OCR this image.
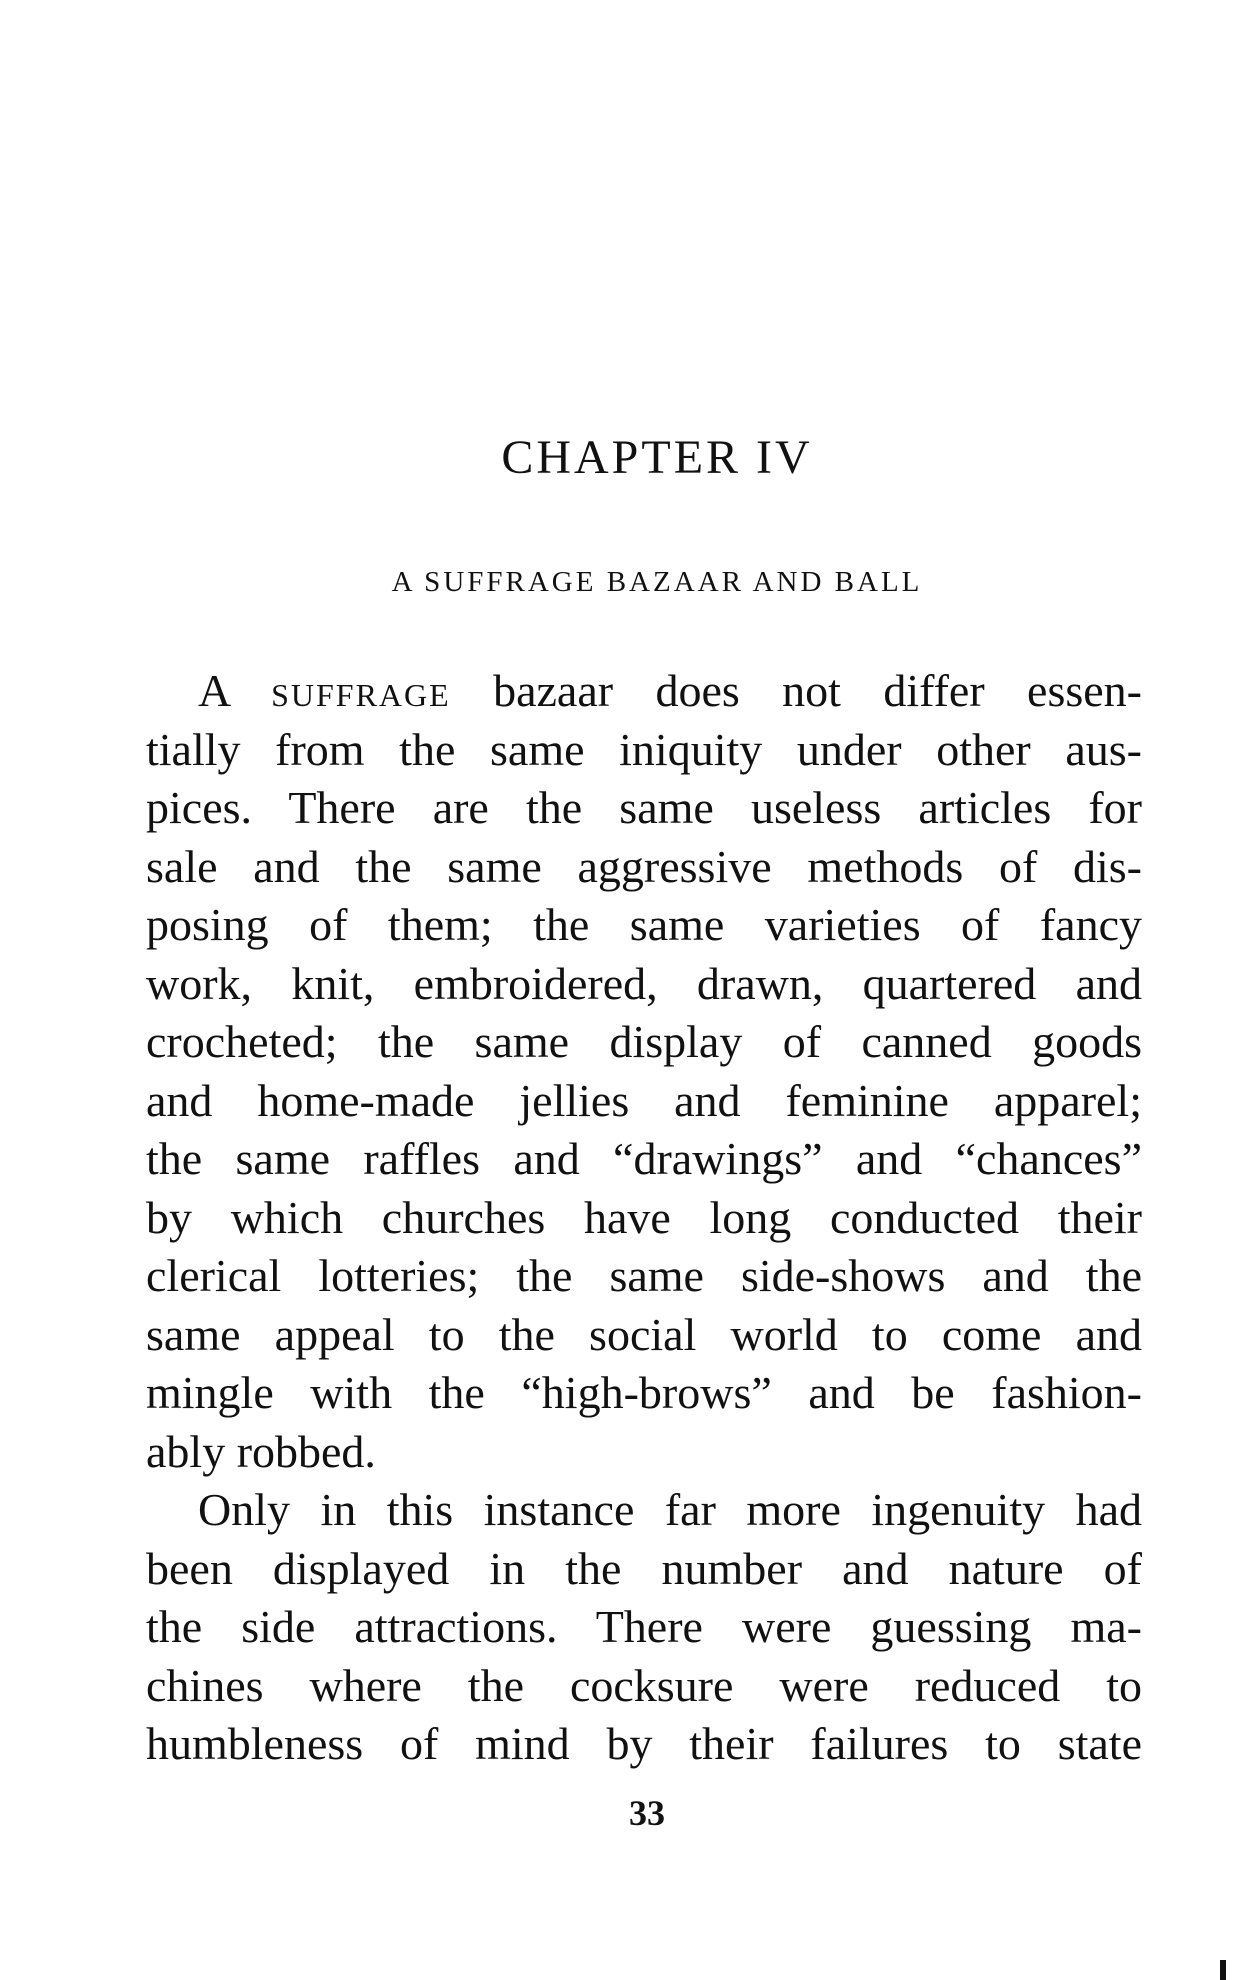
CHAPTER IV
A SUFFRAGE BAZAAR AND BALL

A suffrage bazaar does not differ essen-
tially from the same iniquity under other aus-
pices. There are the same useless articles for
sale and the same aggressive methods of dis-
posing of them; the same varieties of fancy
work, knit, embroidered, drawn, quartered and
crocheted; the same display of canned goods
and home-made jellies and feminine apparel;
the same raffles and “drawings” and “chances”
by which churches have long conducted their
clerical lotteries; the same side-shows and the
same appeal to the social world to come and
mingle with the “high-brows” and be fashion-
ably robbed.

Only in this instance far more ingenuity had
been displayed in the number and nature of
the side attractions. There were guessing ma-
chines where the cocksure were reduced to
humbleness of mind by their failures to state

33
